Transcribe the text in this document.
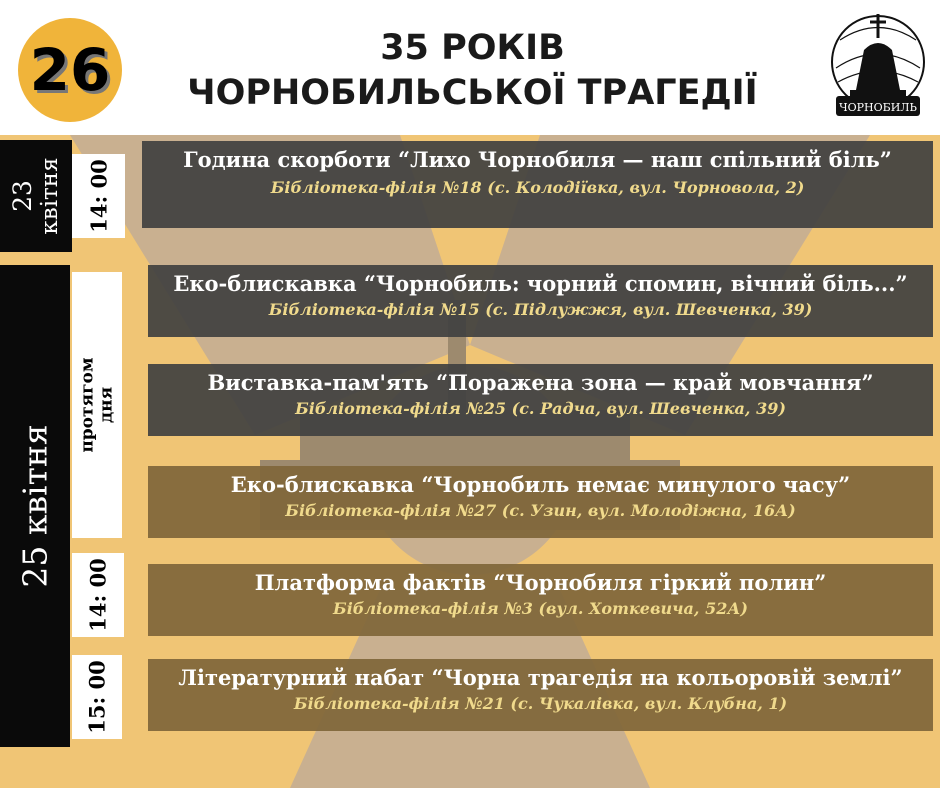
26	35 РОКІВ
ЧОРНОБИЛЬСЬКОЇ ТРАГЕДІЇ	ЧОРНОБИЛЬ
23 квітня
25 квітня
14: 00
протягом дня
14: 00
15: 00
Година скорботи “Лихо Чорнобиля — наш спільний біль”
Бібліотека-філія №18 (с. Колодіївка, вул. Чорновола, 2)
Еко-блискавка “Чорнобиль: чорний спомин, вічний біль...”
Бібліотека-філія №15 (с. Підлужжя, вул. Шевченка, 39)
Виставка-пам'ять “Поражена зона — край мовчання”
Бібліотека-філія №25 (с. Радча, вул. Шевченка, 39)
Еко-блискавка “Чорнобиль немає минулого часу”
Бібліотека-філія №27 (с. Узин, вул. Молодіжна, 16А)
Платформа фактів “Чорнобиля гіркий полин”
Бібліотека-філія №3 (вул. Хоткевича, 52А)
Літературний набат “Чорна трагедія на кольоровій землі”
Бібліотека-філія №21 (с. Чукалівка, вул. Клубна, 1)
